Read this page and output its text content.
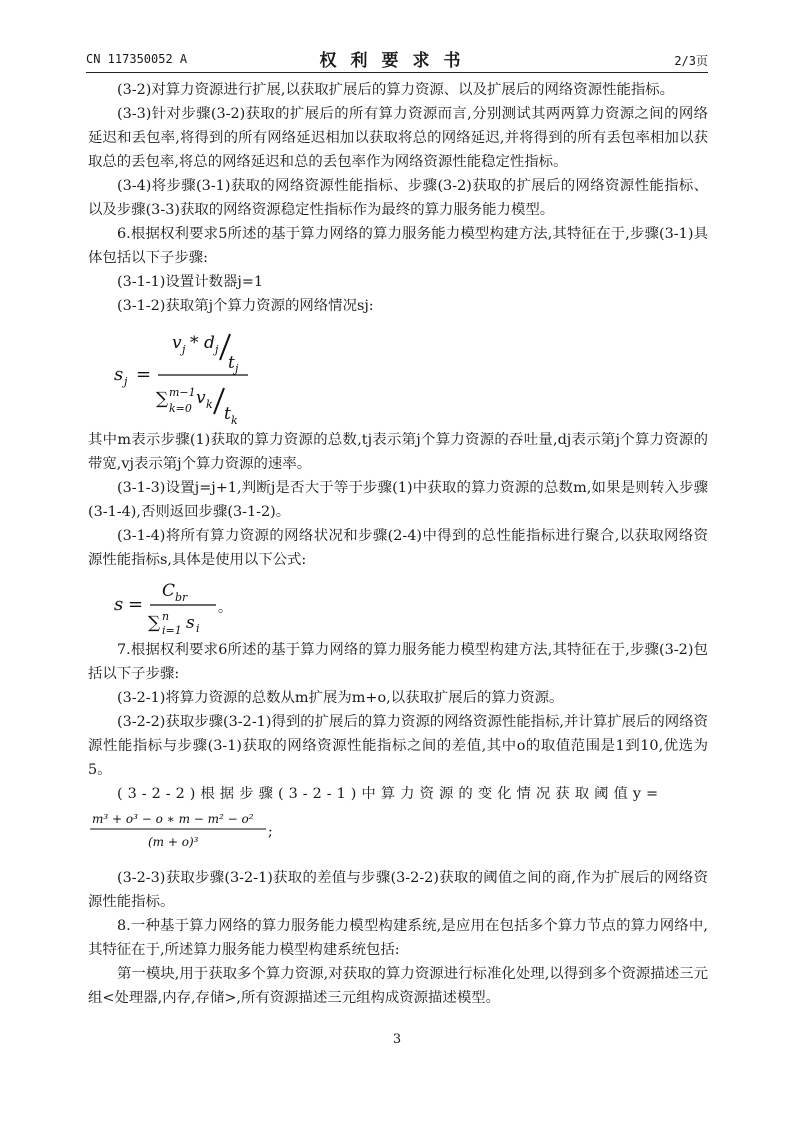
CN 117350052 A	权利要求书	2/3页

(3-2)对算力资源进行扩展,以获取扩展后的算力资源、以及扩展后的网络资源性能指标。

(3-3)针对步骤(3-2)获取的扩展后的所有算力资源而言,分别测试其两两算力资源之间的网络延迟和丢包率,将得到的所有网络延迟相加以获取将总的网络延迟,并将得到的所有丢包率相加以获取总的丢包率,将总的网络延迟和总的丢包率作为网络资源性能稳定性指标。

(3-4)将步骤(3-1)获取的网络资源性能指标、步骤(3-2)获取的扩展后的网络资源性能指标、以及步骤(3-3)获取的网络资源稳定性指标作为最终的算力服务能力模型。

6.根据权利要求5所述的基于算力网络的算力服务能力模型构建方法,其特征在于,步骤(3-1)具体包括以下子步骤:

(3-1-1)设置计数器j=1

(3-1-2)获取第j个算力资源的网络情况sj:

s j =
v j * d j
t j
∑ m−1
k=0
v k t k

其中m表示步骤(1)获取的算力资源的总数,tj表示第j个算力资源的吞吐量,dj表示第j个算力资源的带宽,vj表示第j个算力资源的速率。

(3-1-3)设置j=j+1,判断j是否大于等于步骤(1)中获取的算力资源的总数m,如果是则转入步骤(3-1-4),否则返回步骤(3-1-2)。

(3-1-4)将所有算力资源的网络状况和步骤(2-4)中得到的总性能指标进行聚合,以获取网络资源性能指标s,具体是使用以下公式:

s =
C br
∑ n
i=1 s i
。

7.根据权利要求6所述的基于算力网络的算力服务能力模型构建方法,其特征在于,步骤(3-2)包括以下子步骤:

(3-2-1)将算力资源的总数从m扩展为m+o,以获取扩展后的算力资源。

(3-2-2)获取步骤(3-2-1)得到的扩展后的算力资源的网络资源性能指标,并计算扩展后的网络资源性能指标与步骤(3-1)获取的网络资源性能指标之间的差值,其中o的取值范围是1到10,优选为5。

(3-2-2)根据步骤(3-2-1)中算力资源的变化情况获取阈值y=

m³ + o³ − o ∗ m − m² − o²
(m + o)³
;

(3-2-3)获取步骤(3-2-1)获取的差值与步骤(3-2-2)获取的阈值之间的商,作为扩展后的网络资源性能指标。

8.一种基于算力网络的算力服务能力模型构建系统,是应用在包括多个算力节点的算力网络中,其特征在于,所述算力服务能力模型构建系统包括:

第一模块,用于获取多个算力资源,对获取的算力资源进行标准化处理,以得到多个资源描述三元组<处理器,内存,存储>,所有资源描述三元组构成资源描述模型。

3
